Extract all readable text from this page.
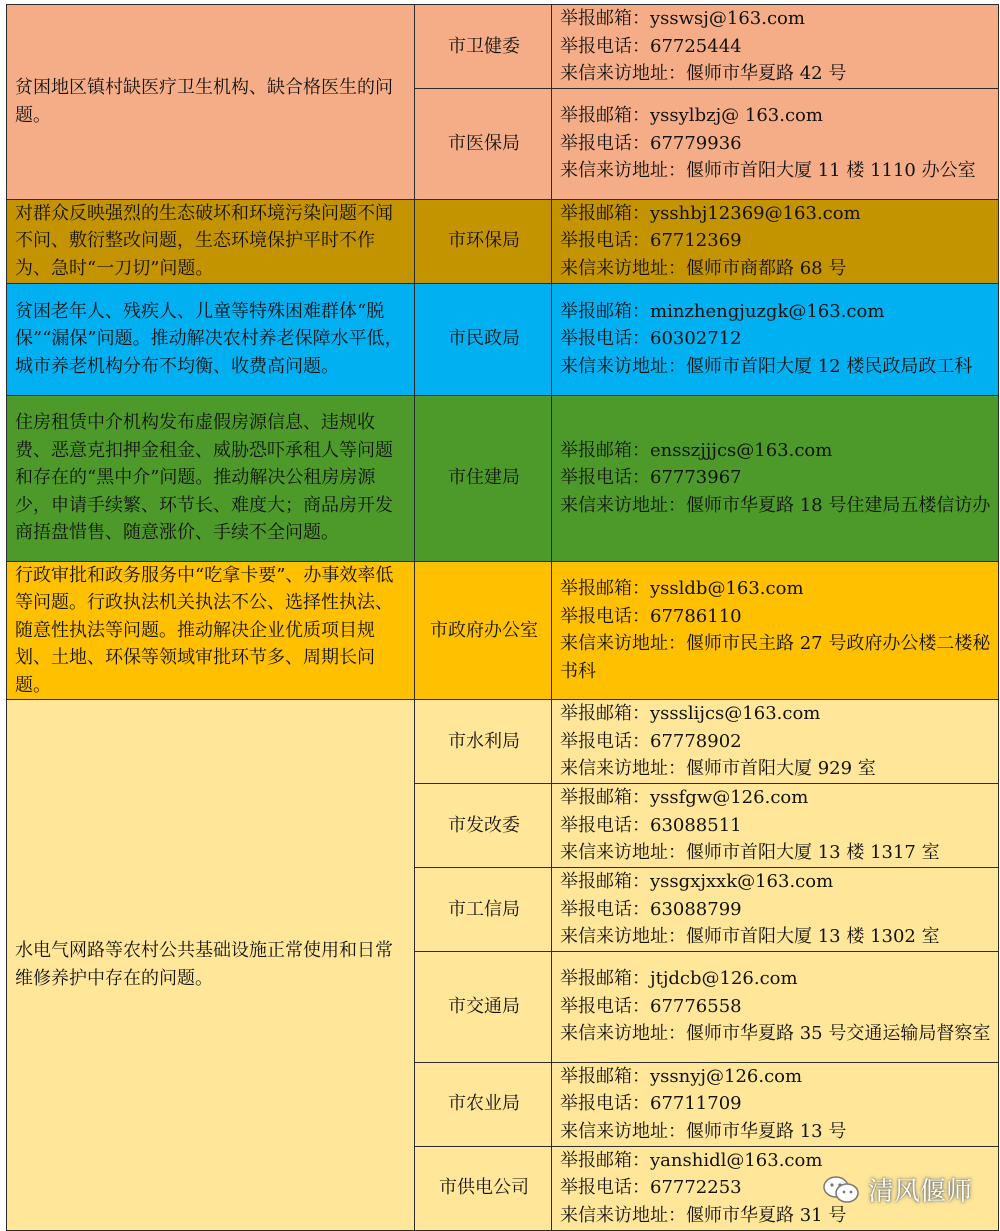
贫困地区镇村缺医疗卫生机构、缺合格医生的问题。	市卫健委	举报邮箱：ysswsj@163.com
举报电话：67725444
来信来访地址：偃师市华夏路 42 号

	市医保局	举报邮箱：yssylbzj@ 163.com
举报电话：67779936
来信来访地址：偃师市首阳大厦 11 楼 1110 办公室

对群众反映强烈的生态破坏和环境污染问题不闻不问、敷衍整改问题，生态环境保护平时不作为、急时“一刀切”问题。	市环保局	举报邮箱：ysshbj12369@163.com
举报电话：67712369
来信来访地址：偃师市商都路 68 号

贫困老年人、残疾人、儿童等特殊困难群体“脱保”“漏保”问题。推动解决农村养老保障水平低，城市养老机构分布不均衡、收费高问题。	市民政局	举报邮箱：minzhengjuzgk@163.com
举报电话：60302712
来信来访地址：偃师市首阳大厦 12 楼民政局政工科

住房租赁中介机构发布虚假房源信息、违规收费、恶意克扣押金租金、威胁恐吓承租人等问题和存在的“黑中介”问题。推动解决公租房房源少，申请手续繁、环节长、难度大；商品房开发商捂盘惜售、随意涨价、手续不全问题。	市住建局	举报邮箱：ensszjjjcs@163.com
举报电话：67773967
来信来访地址：偃师市华夏路 18 号住建局五楼信访办

行政审批和政务服务中“吃拿卡要”、办事效率低等问题。行政执法机关执法不公、选择性执法、随意性执法等问题。推动解决企业优质项目规划、土地、环保等领域审批环节多、周期长问题。	市政府办公室	举报邮箱：yssldb@163.com
举报电话：67786110
来信来访地址：偃师市民主路 27 号政府办公楼二楼秘书科

水电气网路等农村公共基础设施正常使用和日常维修养护中存在的问题。	市水利局	举报邮箱：yssslijcs@163.com
举报电话：67778902
来信来访地址：偃师市首阳大厦 929 室

	市发改委	举报邮箱：yssfgw@126.com
举报电话：63088511
来信来访地址：偃师市首阳大厦 13 楼 1317 室

	市工信局	举报邮箱：yssgxjxxk@163.com
举报电话：63088799
来信来访地址：偃师市首阳大厦 13 楼 1302 室

	市交通局	举报邮箱：jtjdcb@126.com
举报电话：67776558
来信来访地址：偃师市华夏路 35 号交通运输局督察室

	市农业局	举报邮箱：yssnyj@126.com
举报电话：67711709
来信来访地址：偃师市华夏路 13 号

	市供电公司	举报邮箱：yanshidl@163.com
举报电话：67772253
来信来访地址：偃师市华夏路 31 号
清风偃师
